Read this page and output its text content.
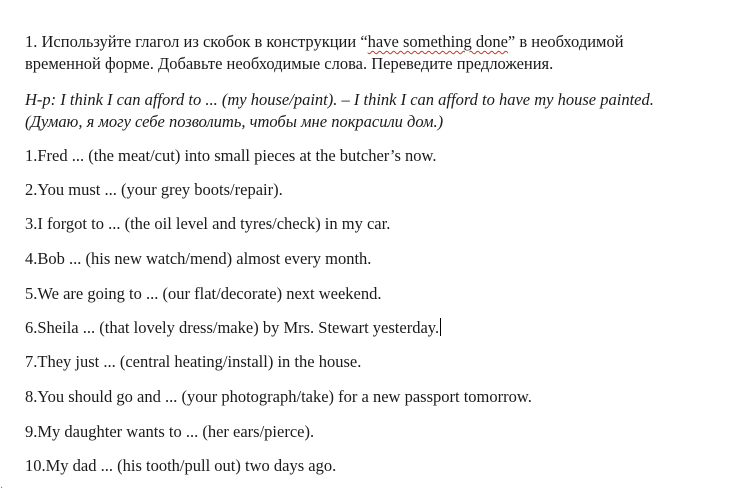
1. Используйте глагол из скобок в конструкции “have something done” в необходимой
временной форме. Добавьте необходимые слова. Переведите предложения.
Н-р: I think I can afford to ... (my house/paint). – I think I can afford to have my house painted.
(Думаю, я могу себе позволить, чтобы мне покрасили дом.)
1.Fred ... (the meat/cut) into small pieces at the butcher’s now.
2.You must ... (your grey boots/repair).
3.I forgot to ... (the oil level and tyres/check) in my car.
4.Bob ... (his new watch/mend) almost every month.
5.We are going to ... (our flat/decorate) next weekend.
6.Sheila ... (that lovely dress/make) by Mrs. Stewart yesterday.
7.They just ... (central heating/install) in the house.
8.You should go and ... (your photograph/take) for a new passport tomorrow.
9.My daughter wants to ... (her ears/pierce).
10.My dad ... (his tooth/pull out) two days ago.
‧
